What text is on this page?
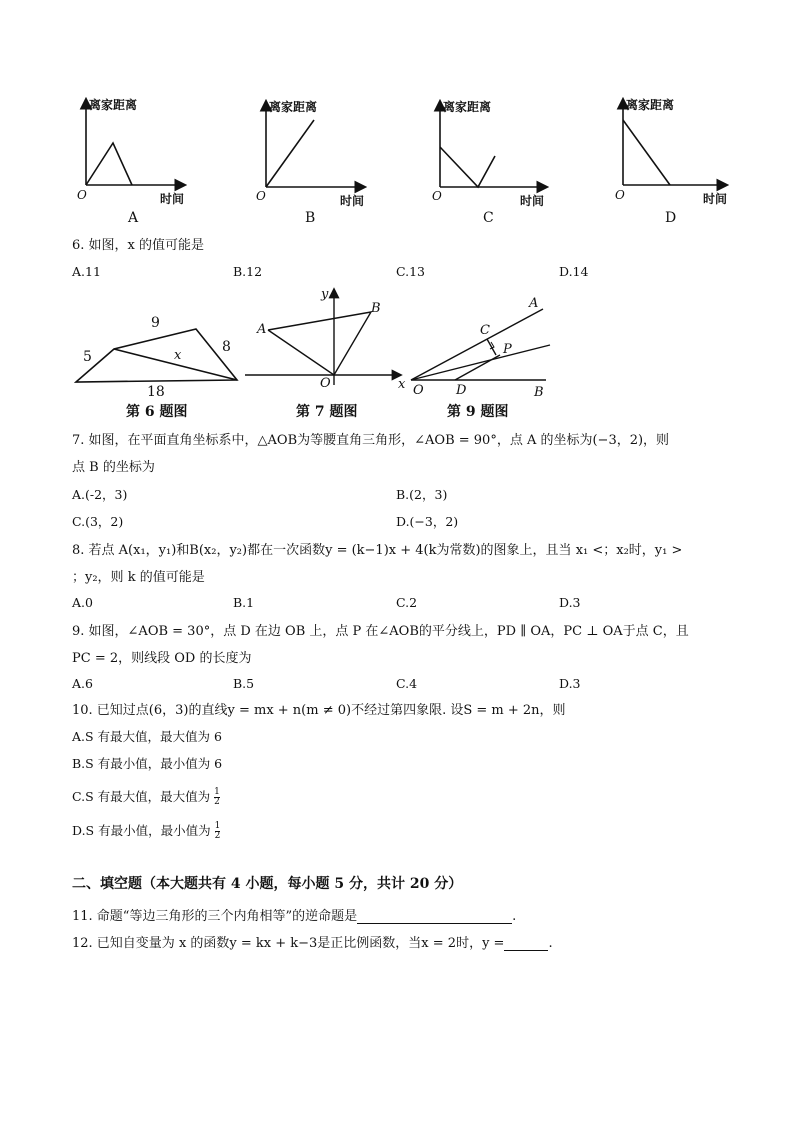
离家距离
O	时间
A
离家距离
O	时间
B
离家距离
O	时间
C
离家距离
O	时间
D
6. 如图，x 的值可能是
A.11	B.12	C.13	D.14
9
8
5	x
18
第 6 题图
y
A
B
O	x
第 7 题图
A
C
P
O D	B
第 9 题图
7. 如图，在平面直角坐标系中，△AOB为等腰直角三角形，∠AOB = 90°，点 A 的坐标为(−3，2)，则
点 B 的坐标为
A.(-2，3)	B.(2，3)
C.(3，2)	D.(−3，2)
8. 若点 A(x₁，y₁)和B(x₂，y₂)都在一次函数y = (k−1)x + 4(k为常数)的图象上，且当 x₁ <；x₂时，y₁ >
；y₂，则 k 的值可能是
A.0	B.1	C.2	D.3
9. 如图，∠AOB = 30°，点 D 在边 OB 上，点 P 在∠AOB的平分线上，PD ∥ OA，PC ⊥ OA于点 C，且
PC = 2，则线段 OD 的长度为
A.6	B.5	C.4	D.3
10. 已知过点(6，3)的直线y = mx + n(m ≠ 0)不经过第四象限. 设S = m + 2n，则
A.S 有最大值，最大值为 6
B.S 有最小值，最小值为 6
C.S 有最大值，最大值为 $\frac{1}{2}$
D.S 有最小值，最小值为 $\frac{1}{2}$
二、填空题（本大题共有 4 小题，每小题 5 分，共计 20 分）
11. 命题“等边三角形的三个内角相等”的逆命题是	.
12. 已知自变量为 x 的函数y = kx + k−3是正比例函数，当x = 2时，y =	.
